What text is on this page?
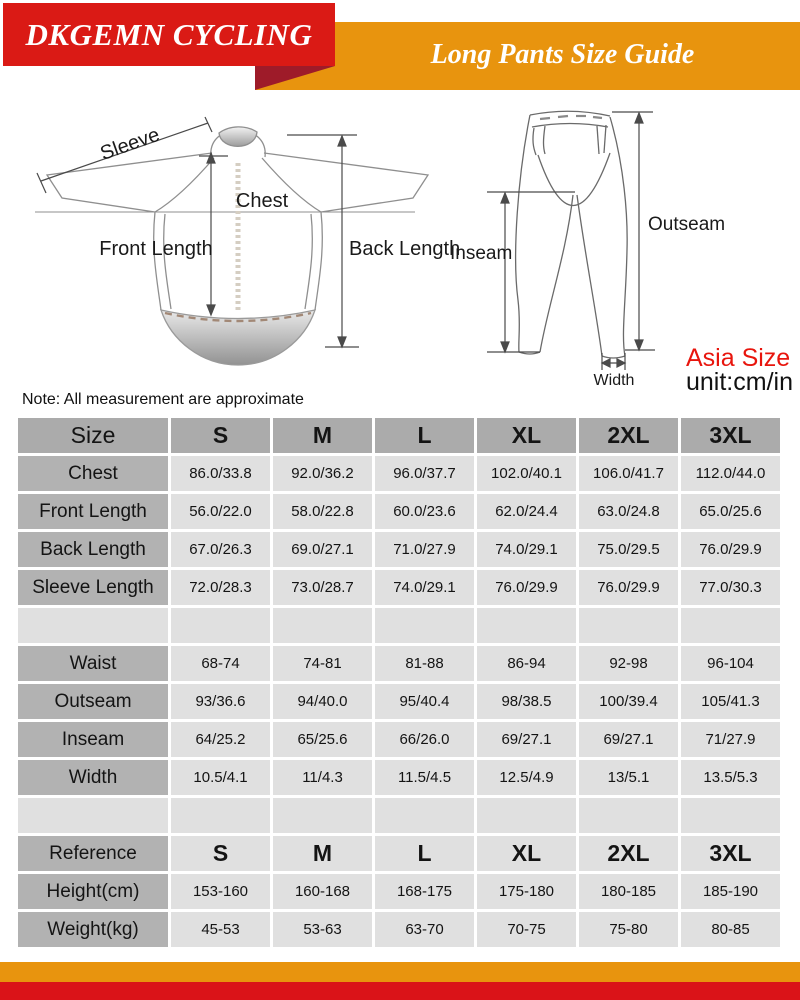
Long Pants Size Guide
DKGEMN CYCLING
Sleeve
Chest
Front Length	Back Length
Inseam
Outseam
Width
Asia Size
unit:cm/in
Note: All measurement are approximate
Size	S	M	L	XL	2XL	3XL
Chest	86.0/33.8	92.0/36.2	96.0/37.7	102.0/40.1	106.0/41.7	112.0/44.0
Front Length	56.0/22.0	58.0/22.8	60.0/23.6	62.0/24.4	63.0/24.8	65.0/25.6
Back Length	67.0/26.3	69.0/27.1	71.0/27.9	74.0/29.1	75.0/29.5	76.0/29.9
Sleeve Length	72.0/28.3	73.0/28.7	74.0/29.1	76.0/29.9	76.0/29.9	77.0/30.3

Waist	68-74	74-81	81-88	86-94	92-98	96-104
Outseam	93/36.6	94/40.0	95/40.4	98/38.5	100/39.4	105/41.3
Inseam	64/25.2	65/25.6	66/26.0	69/27.1	69/27.1	71/27.9
Width	10.5/4.1	11/4.3	11.5/4.5	12.5/4.9	13/5.1	13.5/5.3

Reference	S	M	L	XL	2XL	3XL
Height(cm)	153-160	160-168	168-175	175-180	180-185	185-190
Weight(kg)	45-53	53-63	63-70	70-75	75-80	80-85
